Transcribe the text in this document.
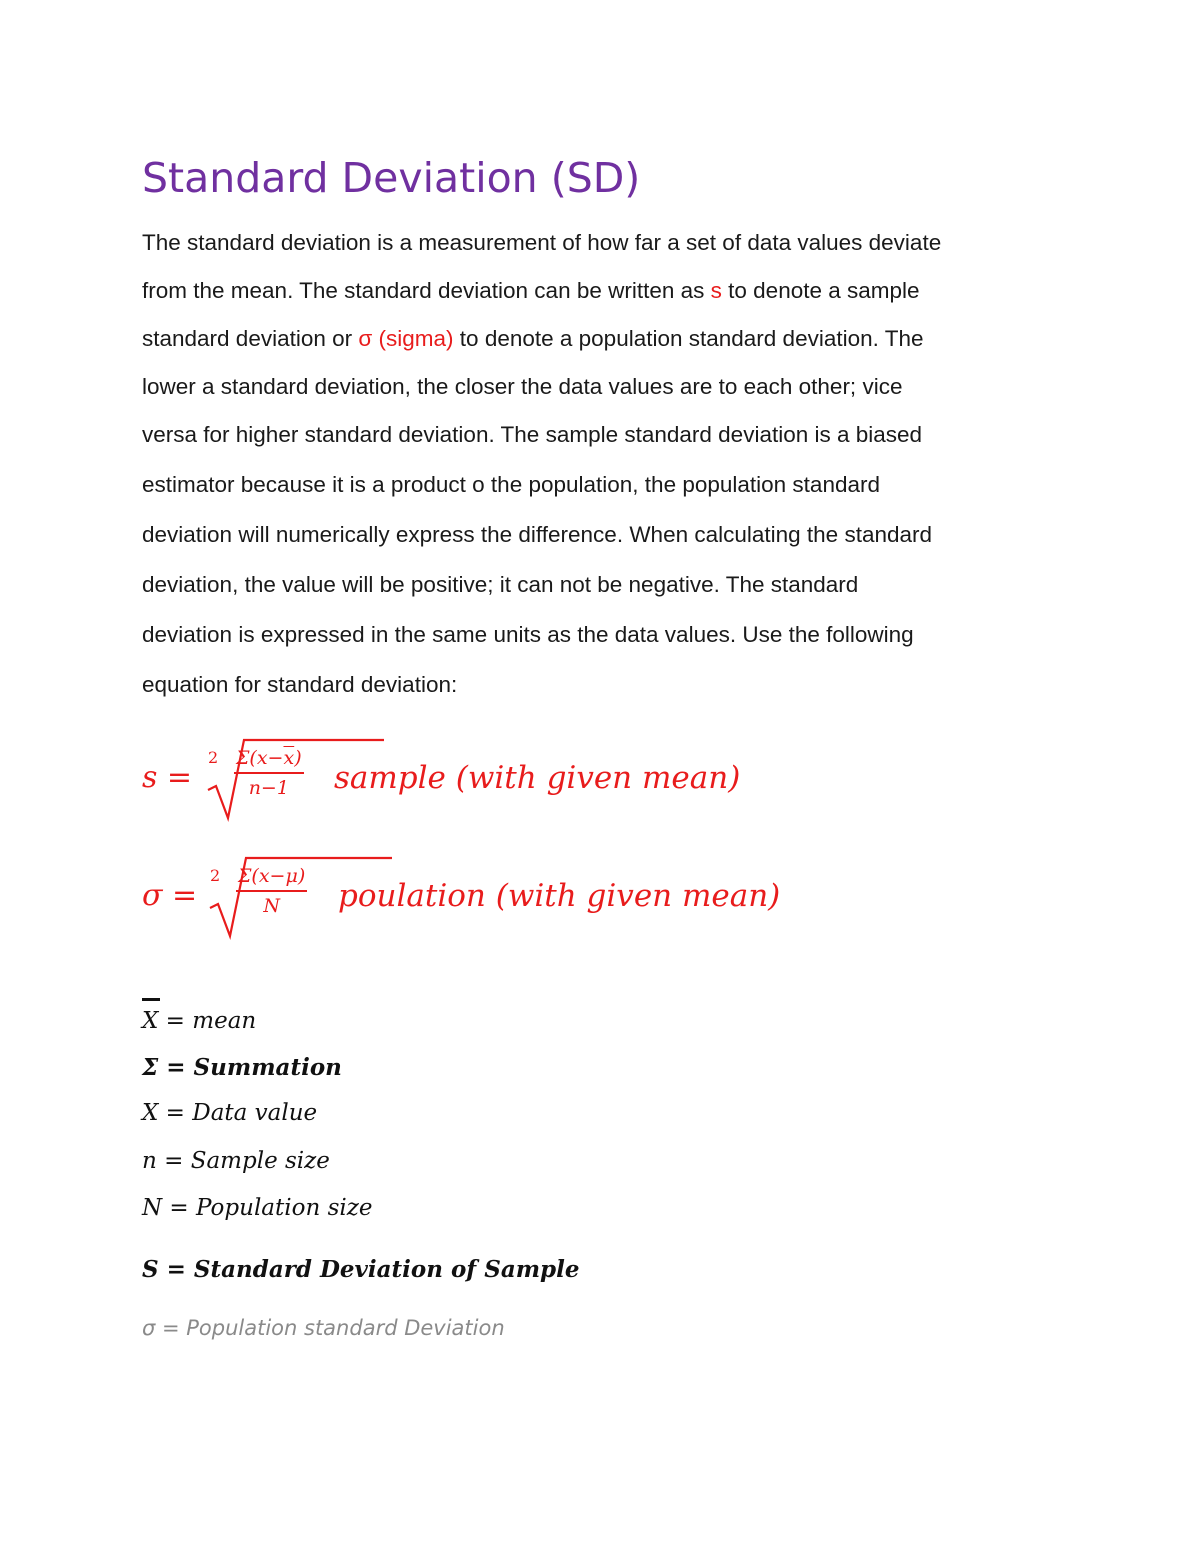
Standard Deviation (SD)

The standard deviation is a measurement of how far a set of data values deviate

from the mean. The standard deviation can be written as s to denote a sample

standard deviation or σ (sigma) to denote a population standard deviation. The

lower a standard deviation, the closer the data values are to each other; vice

versa for higher standard deviation. The sample standard deviation is a biased

estimator because it is a product o the population, the population standard

deviation will numerically express the difference. When calculating the standard

deviation, the value will be positive; it can not be negative. The standard

deviation is expressed in the same units as the data values. Use the following

equation for standard deviation:

s =
$2 \frac{\Sigma(x-\overline{x})}{n-1}$ sample (with given mean)
σ =
$2 \frac{\Sigma(x-\mu)}{N}$ poulation (with given mean)

X = mean

Σ = Summation

X = Data value

n = Sample size

N = Population size

S = Standard Deviation of Sample

σ = Population standard Deviation
